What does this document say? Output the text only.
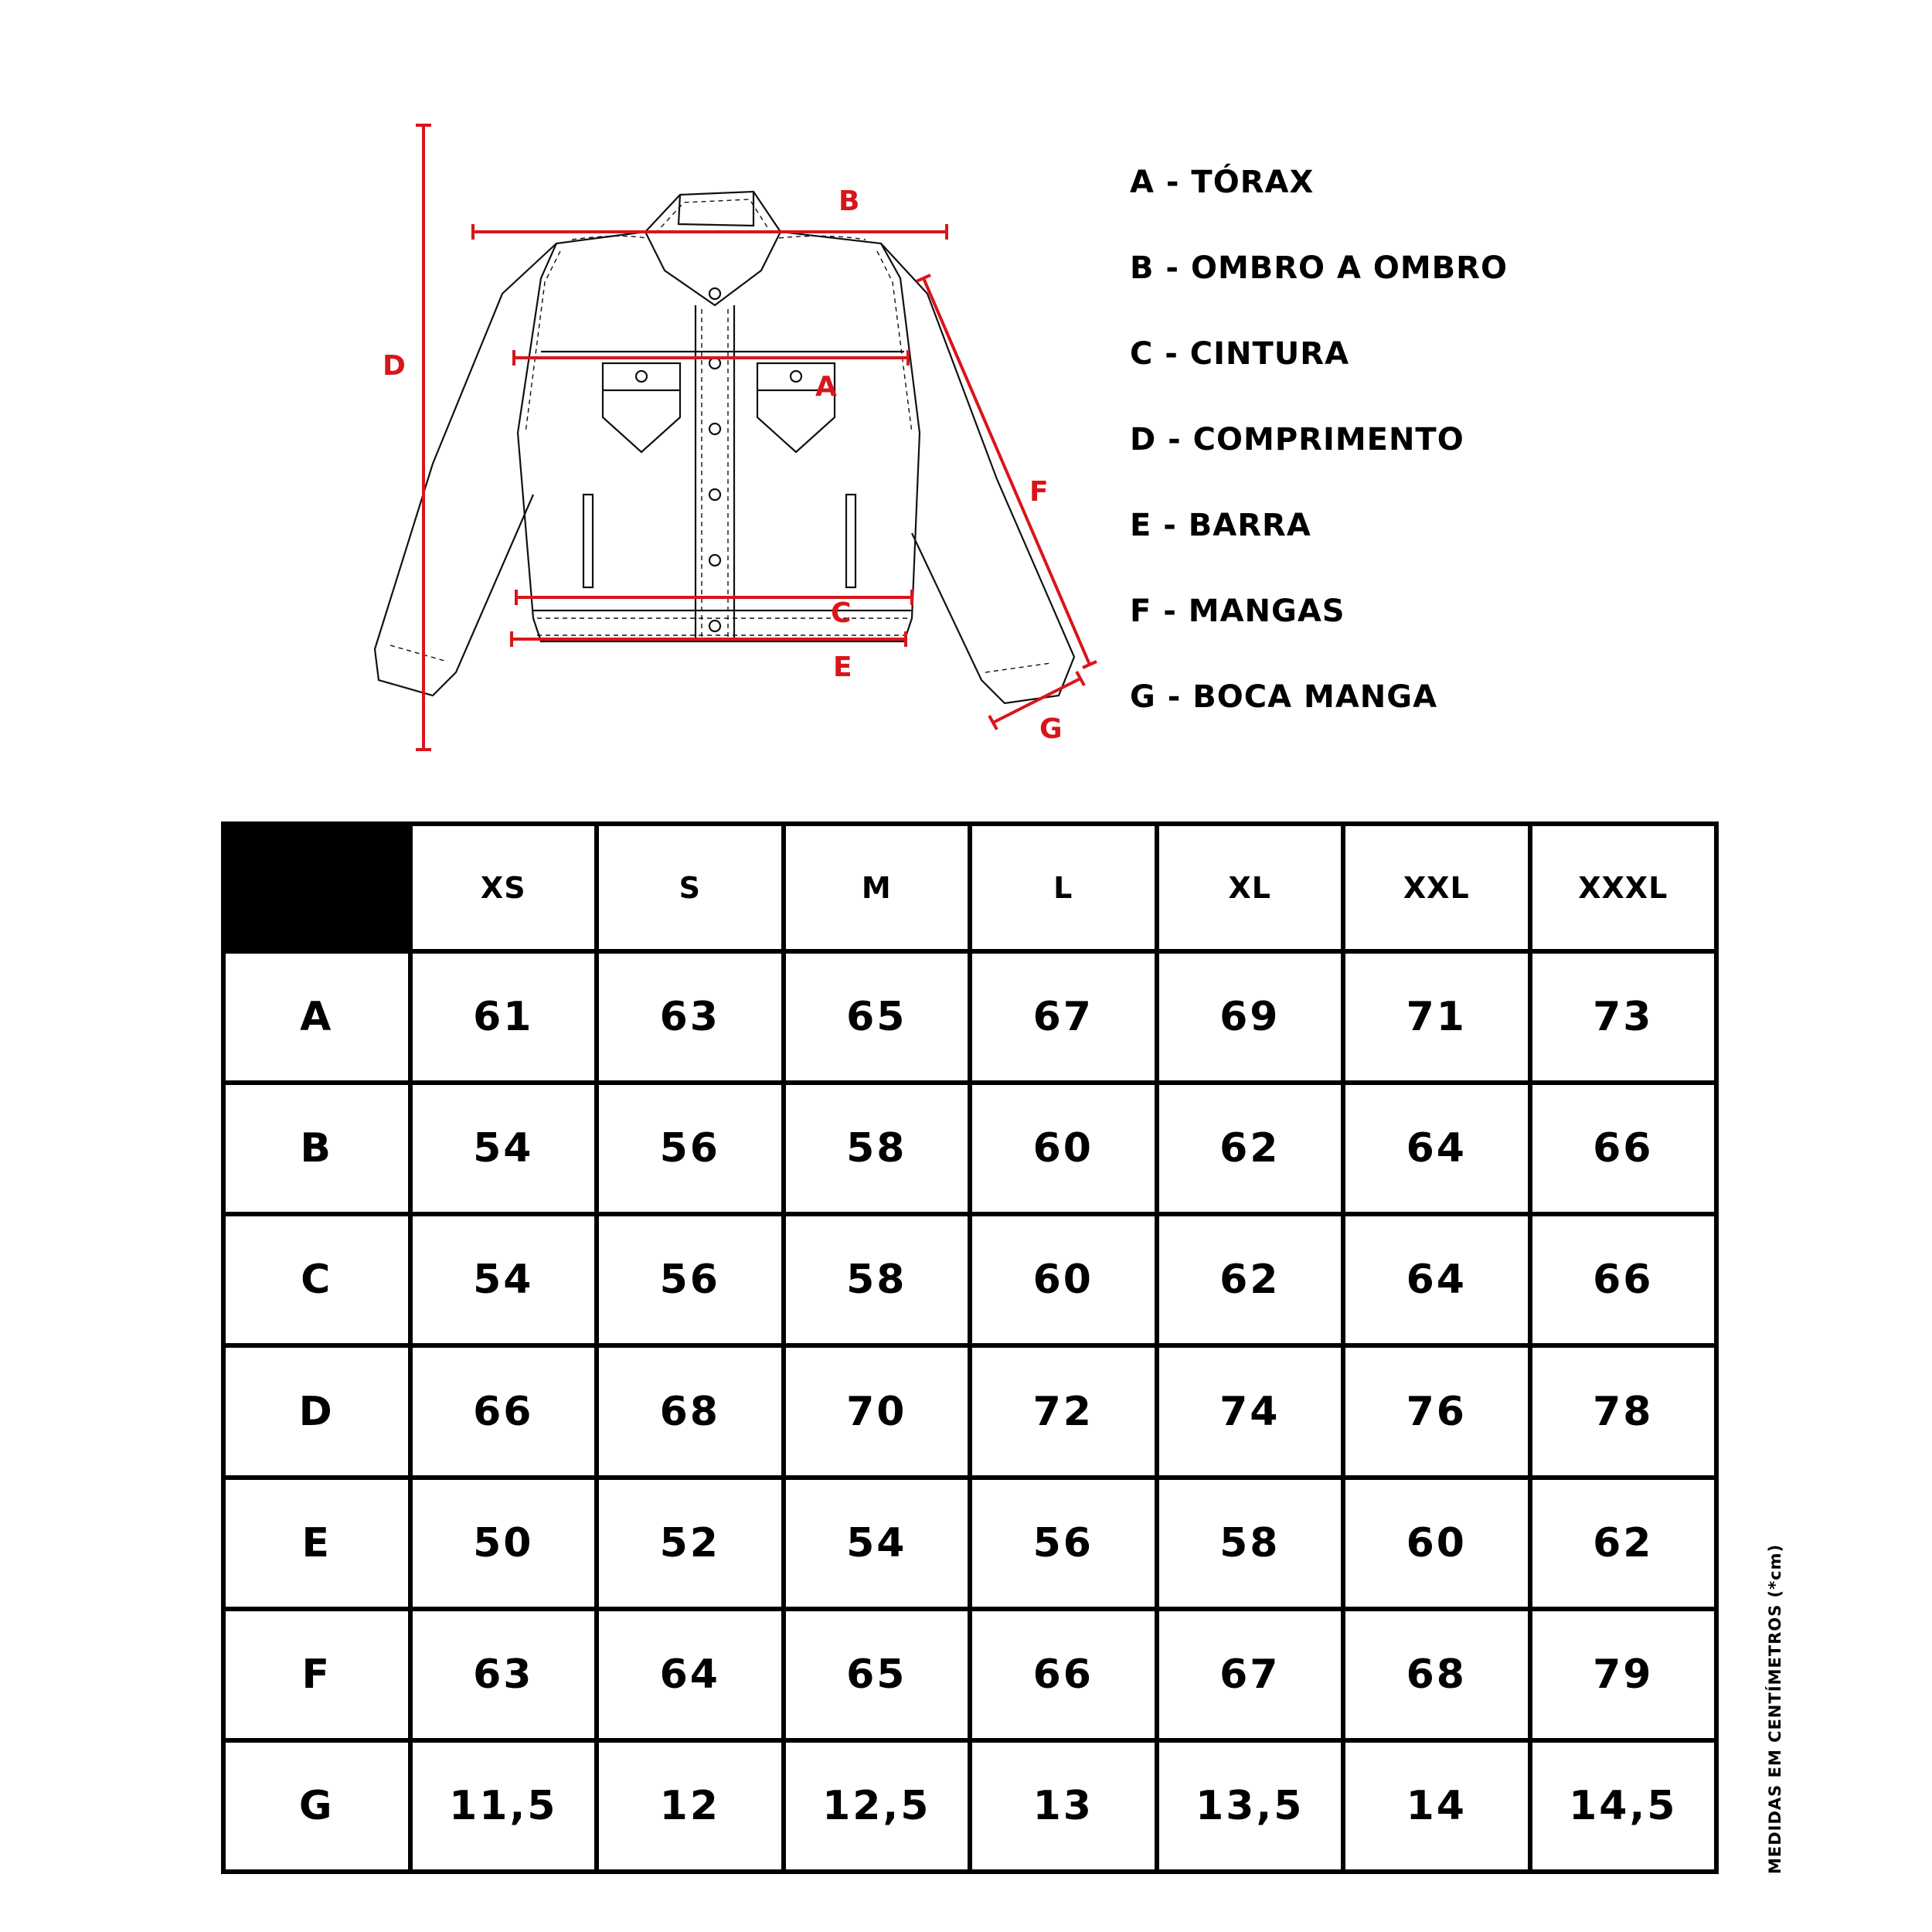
A
B
C
D
E
F
G
A - TÓRAX
B - OMBRO A OMBRO
C - CINTURA
D - COMPRIMENTO
E - BARRA
F - MANGAS
G - BOCA MANGA
	XS	S	M	L	XL	XXL	XXXL
A	61	63	65	67	69	71	73
B	54	56	58	60	62	64	66
C	54	56	58	60	62	64	66
D	66	68	70	72	74	76	78
E	50	52	54	56	58	60	62
F	63	64	65	66	67	68	79
G	11,5	12	12,5	13	13,5	14	14,5	MEDIDAS EM CENTÍMETROS (*cm)
